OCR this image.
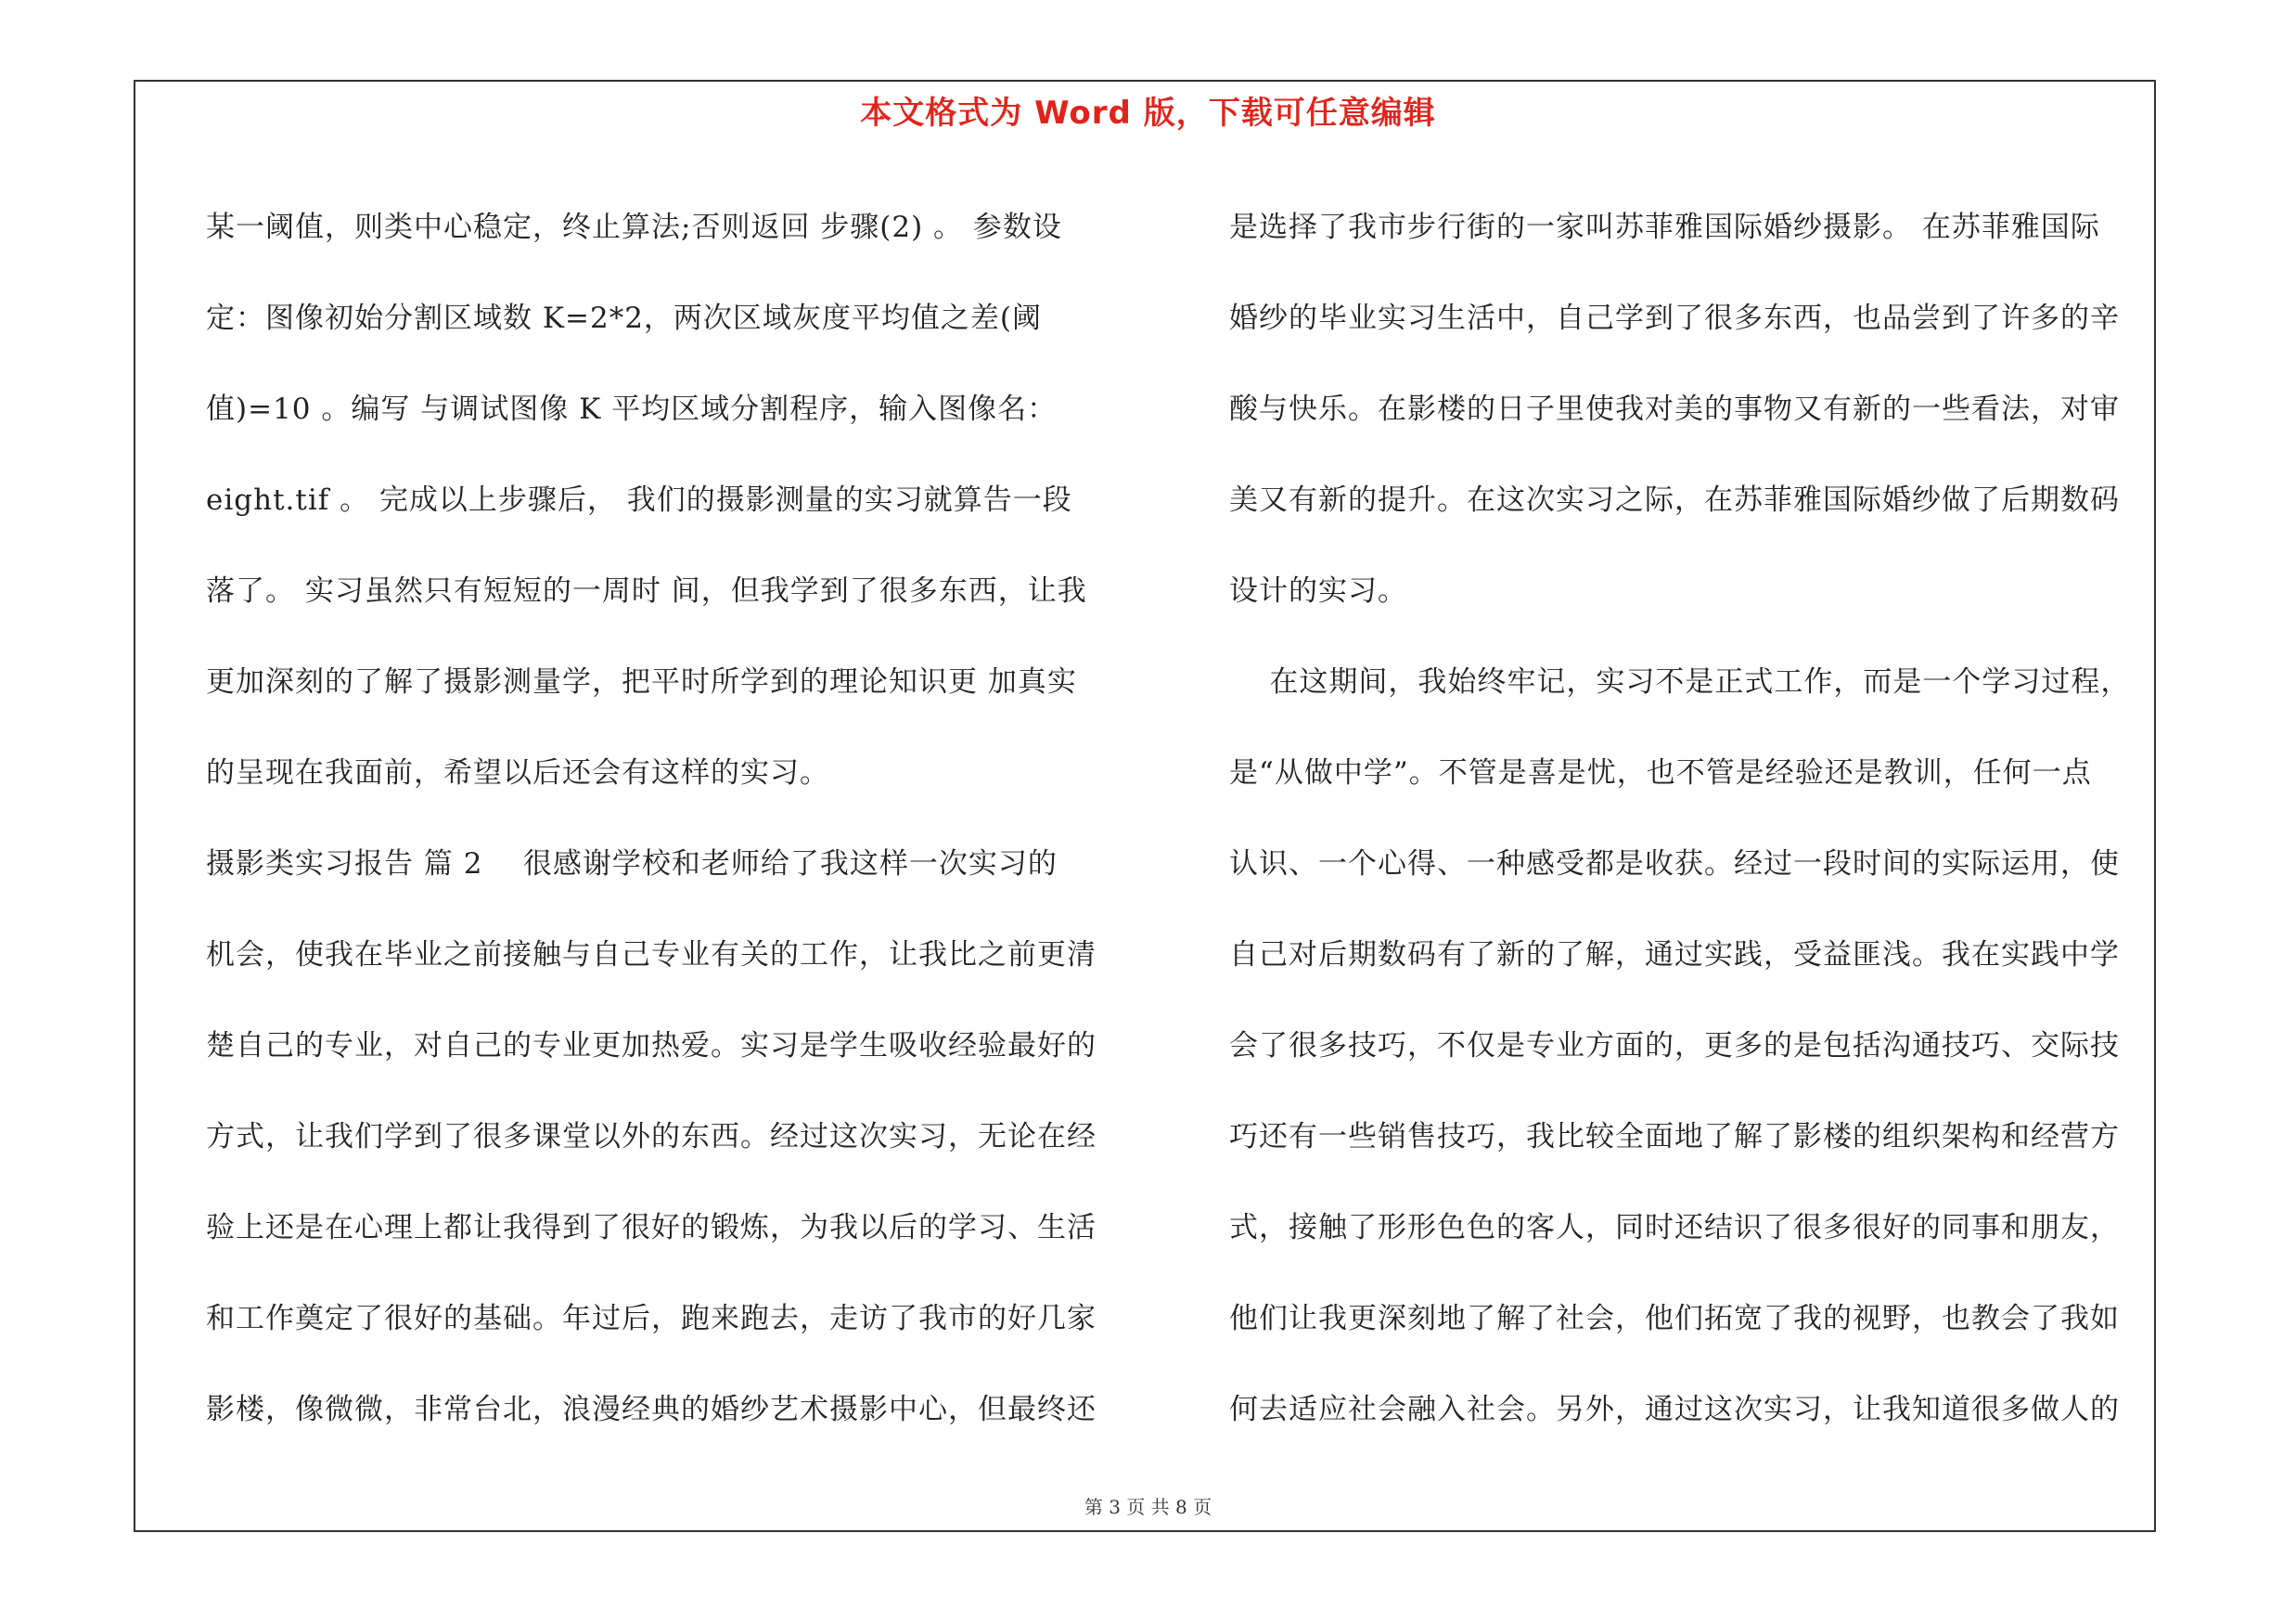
本文格式为 Word 版，下载可任意编辑
某一阈值，则类中心稳定，终止算法;否则返回 步骤(2) 。 参数设
定：图像初始分割区域数 K=2*2，两次区域灰度平均值之差(阈
值)=10 。编写 与调试图像 K 平均区域分割程序，输入图像名：
eight.tif 。 完成以上步骤后， 我们的摄影测量的实习就算告一段
落了。 实习虽然只有短短的一周时 间，但我学到了很多东西，让我
更加深刻的了解了摄影测量学，把平时所学到的理论知识更 加真实
的呈现在我面前，希望以后还会有这样的实习。
摄影类实习报告 篇 2    很感谢学校和老师给了我这样一次实习的
机会，使我在毕业之前接触与自己专业有关的工作，让我比之前更清
楚自己的专业，对自己的专业更加热爱。实习是学生吸收经验最好的
方式，让我们学到了很多课堂以外的东西。经过这次实习，无论在经
验上还是在心理上都让我得到了很好的锻炼，为我以后的学习、生活
和工作奠定了很好的基础。年过后，跑来跑去，走访了我市的好几家
影楼，像微微，非常台北，浪漫经典的婚纱艺术摄影中心，但最终还
是选择了我市步行街的一家叫苏菲雅国际婚纱摄影。 在苏菲雅国际
婚纱的毕业实习生活中，自己学到了很多东西，也品尝到了许多的辛
酸与快乐。在影楼的日子里使我对美的事物又有新的一些看法，对审
美又有新的提升。在这次实习之际，在苏菲雅国际婚纱做了后期数码
设计的实习。
在这期间，我始终牢记，实习不是正式工作，而是一个学习过程，
是“从做中学”。不管是喜是忧，也不管是经验还是教训，任何一点
认识、一个心得、一种感受都是收获。经过一段时间的实际运用，使
自己对后期数码有了新的了解，通过实践，受益匪浅。我在实践中学
会了很多技巧，不仅是专业方面的，更多的是包括沟通技巧、交际技
巧还有一些销售技巧，我比较全面地了解了影楼的组织架构和经营方
式，接触了形形色色的客人，同时还结识了很多很好的同事和朋友，
他们让我更深刻地了解了社会，他们拓宽了我的视野，也教会了我如
何去适应社会融入社会。另外，通过这次实习，让我知道很多做人的
第 3 页 共 8 页
